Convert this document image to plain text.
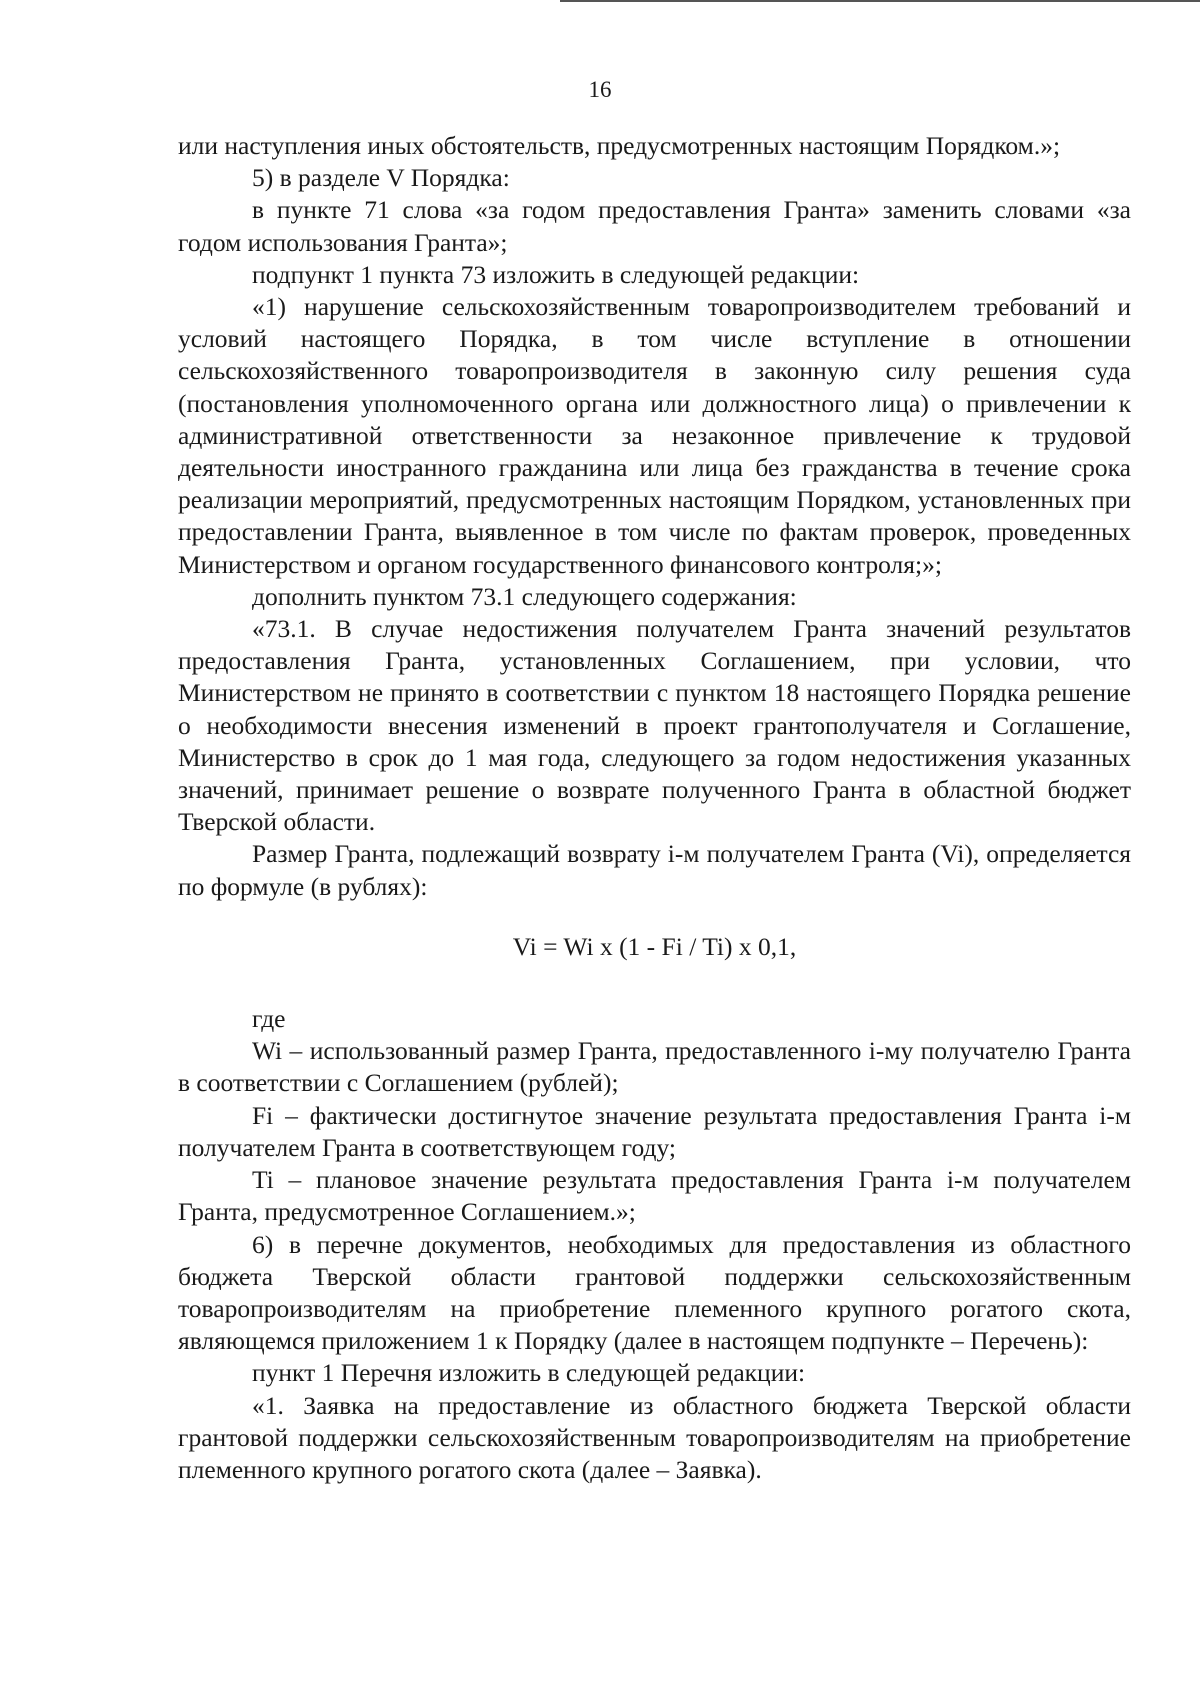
16

или наступления иных обстоятельств, предусмотренных настоящим Порядком.»;

5) в разделе V Порядка:

в пункте 71 слова «за годом предоставления Гранта» заменить словами «за годом использования Гранта»;

подпункт 1 пункта 73 изложить в следующей редакции:

«1) нарушение сельскохозяйственным товаропроизводителем требований и условий настоящего Порядка, в том числе вступление в отношении сельскохозяйственного товаропроизводителя в законную силу решения суда (постановления уполномоченного органа или должностного лица) о привлечении к административной ответственности за незаконное привлечение к трудовой деятельности иностранного гражданина или лица без гражданства в течение срока реализации мероприятий, предусмотренных настоящим Порядком, установленных при предоставлении Гранта, выявленное в том числе по фактам проверок, проведенных Министерством и органом государственного финансового контроля;»;

дополнить пунктом 73.1 следующего содержания:

«73.1. В случае недостижения получателем Гранта значений результатов предоставления Гранта, установленных Соглашением, при условии, что Министерством не принято в соответствии с пунктом 18 настоящего Порядка решение о необходимости внесения изменений в проект грантополучателя и Соглашение, Министерство в срок до 1 мая года, следующего за годом недостижения указанных значений, принимает решение о возврате полученного Гранта в областной бюджет Тверской области.

Размер Гранта, подлежащий возврату i-м получателем Гранта (Vi), определяется по формуле (в рублях):

Vi = Wi x (1 - Fi / Ti) x 0,1,

где

Wi – использованный размер Гранта, предоставленного i-му получателю Гранта в соответствии с Соглашением (рублей);

Fi – фактически достигнутое значение результата предоставления Гранта i-м получателем Гранта в соответствующем году;

Ti – плановое значение результата предоставления Гранта i-м получателем Гранта, предусмотренное Соглашением.»;

6) в перечне документов, необходимых для предоставления из областного бюджета Тверской области грантовой поддержки сельскохозяйственным товаропроизводителям на приобретение племенного крупного рогатого скота, являющемся приложением 1 к Порядку (далее в настоящем подпункте – Перечень):

пункт 1 Перечня изложить в следующей редакции:

«1. Заявка на предоставление из областного бюджета Тверской области грантовой поддержки сельскохозяйственным товаропроизводителям на приобретение племенного крупного рогатого скота (далее – Заявка).
